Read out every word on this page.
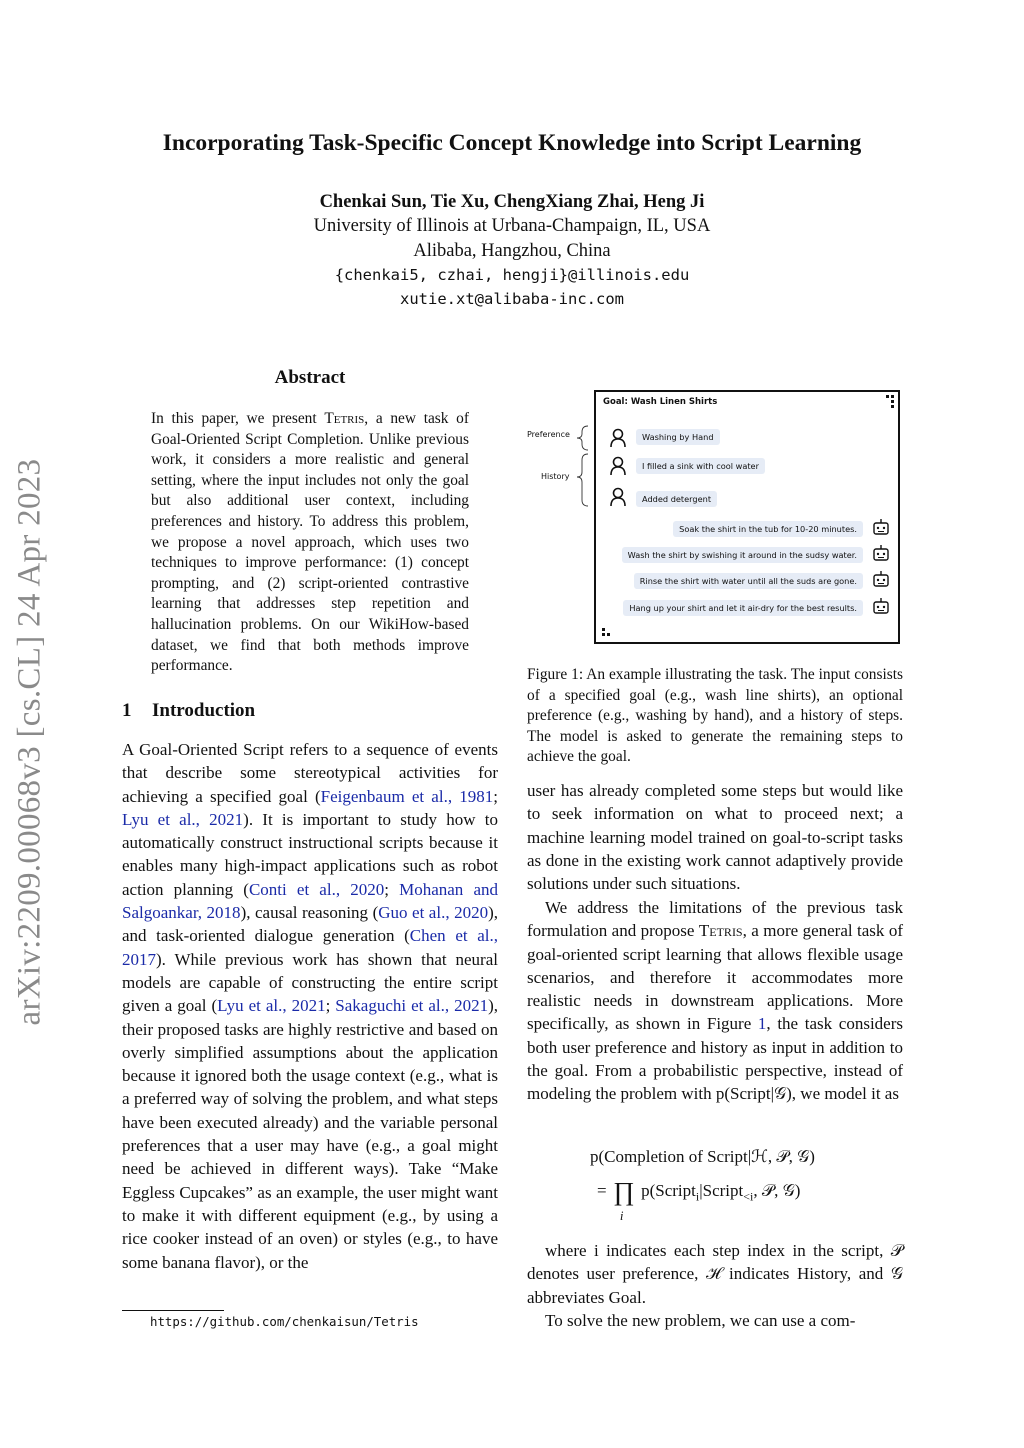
Incorporating Task-Specific Concept Knowledge into Script Learning
Chenkai Sun, Tie Xu, ChengXiang Zhai, Heng Ji
University of Illinois at Urbana-Champaign, IL, USA
Alibaba, Hangzhou, China
{chenkai5, czhai, hengji}@illinois.edu
xutie.xt@alibaba-inc.com
arXiv:2209.00068v3 [cs.CL] 24 Apr 2023
Abstract
In this paper, we present Tetris, a new task of Goal-Oriented Script Completion. Unlike previous work, it considers a more realistic and general setting, where the input includes not only the goal but also additional user context, including preferences and history. To address this problem, we propose a novel approach, which uses two techniques to improve performance: (1) concept prompting, and (2) script-oriented contrastive learning that addresses step repetition and hallucination problems. On our WikiHow-based dataset, we find that both methods improve performance.
1 Introduction
A Goal-Oriented Script refers to a sequence of events that describe some stereotypical activities for achieving a specified goal (Feigenbaum et al., 1981; Lyu et al., 2021). It is important to study how to automatically construct instructional scripts because it enables many high-impact applications such as robot action planning (Conti et al., 2020; Mohanan and Salgoankar, 2018), causal reasoning (Guo et al., 2020), and task-oriented dialogue generation (Chen et al., 2017). While previous work has shown that neural models are capable of constructing the entire script given a goal (Lyu et al., 2021; Sakaguchi et al., 2021), their proposed tasks are highly restrictive and based on overly simplified assumptions about the application because it ignored both the usage context (e.g., what is a preferred way of solving the problem, and what steps have been executed already) and the variable personal preferences that a user may have (e.g., a goal might need be achieved in different ways). Take “Make Eggless Cupcakes” as an example, the user might want to make it with different equipment (e.g., by using a rice cooker instead of an oven) or styles (e.g., to have some banana flavor), or the
https://github.com/chenkaisun/Tetris
Preference
History
Goal: Wash Linen Shirts
Washing by Hand
I filled a sink with cool water
Added detergent
Soak the shirt in the tub for 10-20 minutes.
Wash the shirt by swishing it around in the sudsy water.
Rinse the shirt with water until all the suds are gone.
Hang up your shirt and let it air-dry for the best results.
Figure 1: An example illustrating the task. The input consists of a specified goal (e.g., wash line shirts), an optional preference (e.g., washing by hand), and a history of steps. The model is asked to generate the remaining steps to achieve the goal.
user has already completed some steps but would like to seek information on what to proceed next; a machine learning model trained on goal-to-script tasks as done in the existing work cannot adaptively provide solutions under such situations.
We address the limitations of the previous task formulation and propose Tetris, a more general task of goal-oriented script learning that allows flexible usage scenarios, and therefore it accommodates more realistic needs in downstream applications. More specifically, as shown in Figure 1, the task considers both user preference and history as input in addition to the goal. From a probabilistic perspective, instead of modeling the problem with p(Script|𝒢), we model it as
p(Completion of Script|ℋ, 𝒫, 𝒢)
= ∏
i
p(Script$_i$|Script$_{<i}$, 𝒫, 𝒢)
where i indicates each step index in the script, 𝒫 denotes user preference, ℋ indicates History, and 𝒢 abbreviates Goal.
To solve the new problem, we can use a com-
